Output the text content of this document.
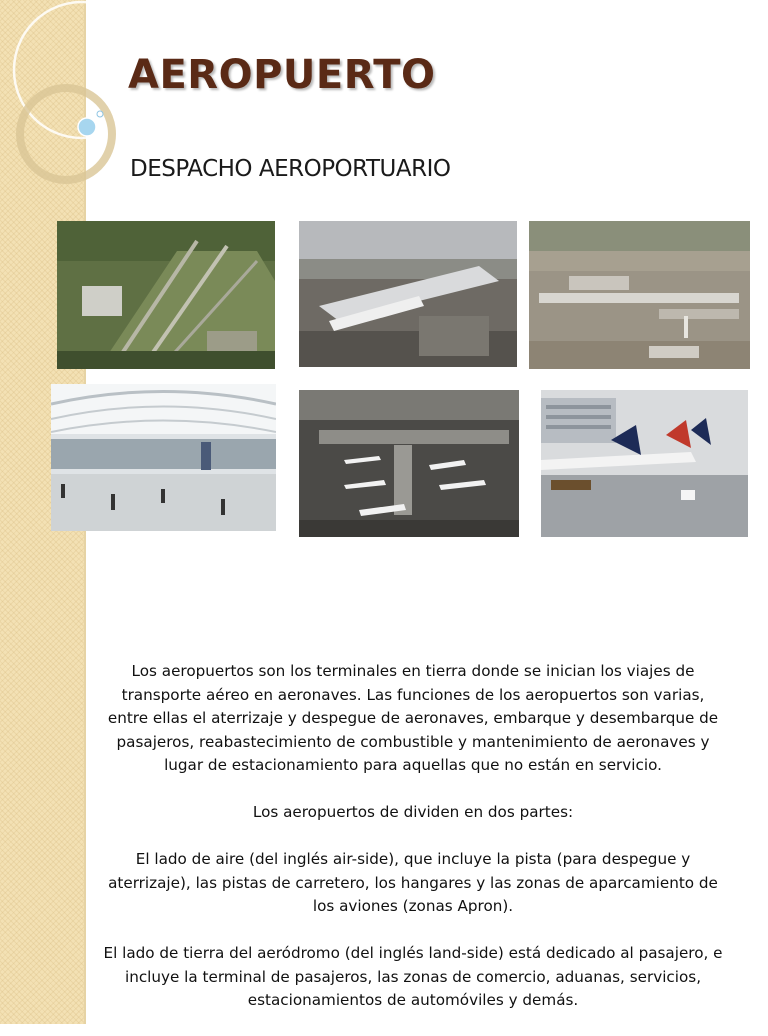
AEROPUERTO
DESPACHO AEROPORTUARIO

Los aeropuertos son los terminales en tierra donde se inician los viajes de transporte aéreo en aeronaves. Las funciones de los aeropuertos son varias, entre ellas el aterrizaje y despegue de aeronaves, embarque y desembarque de pasajeros, reabastecimiento de combustible y mantenimiento de aeronaves y lugar de estacionamiento para aquellas que no están en servicio.

Los aeropuertos de dividen en dos partes:

El lado de aire (del inglés air-side), que incluye la pista (para despegue y aterrizaje), las pistas de carretero, los hangares y las zonas de aparcamiento de los aviones (zonas Apron).

El lado de tierra del aeródromo (del inglés land-side) está dedicado al pasajero, e incluye la terminal de pasajeros, las zonas de comercio, aduanas, servicios, estacionamientos de automóviles y demás.
